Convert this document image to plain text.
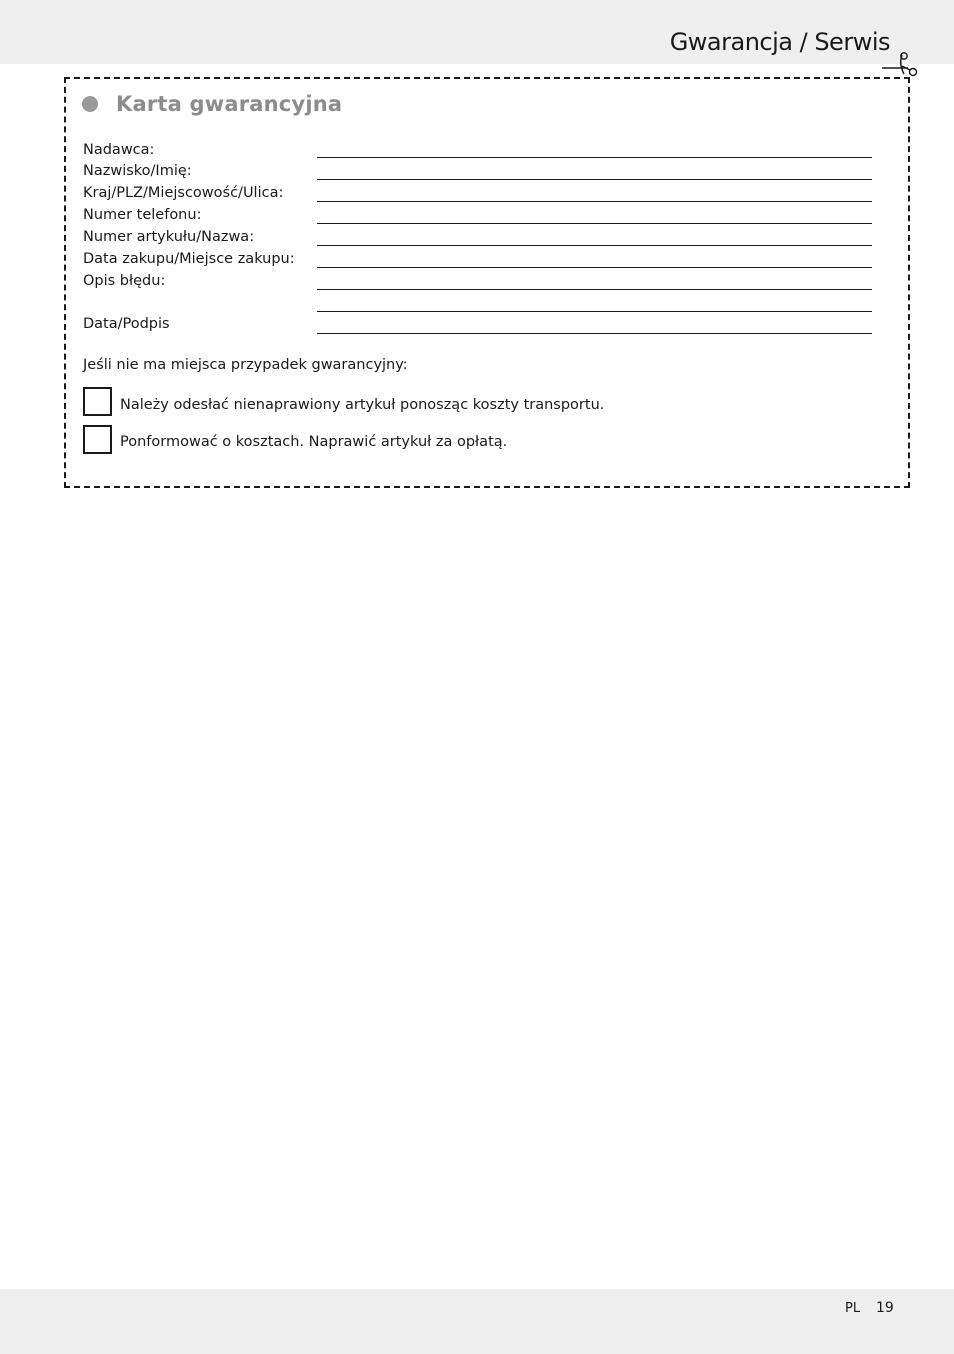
Gwarancja / Serwis
Karta gwarancyjna
Nadawca:
Nazwisko/Imię:
Kraj/PLZ/Miejscowość/Ulica:
Numer telefonu:
Numer artykułu/Nazwa:
Data zakupu/Miejsce zakupu:
Opis błędu:
Data/Podpis
Jeśli nie ma miejsca przypadek gwarancyjny:
Należy odesłać nienaprawiony artykuł ponosząc koszty transportu.
Ponformować o kosztach. Naprawić artykuł za opłatą.
PL 19
